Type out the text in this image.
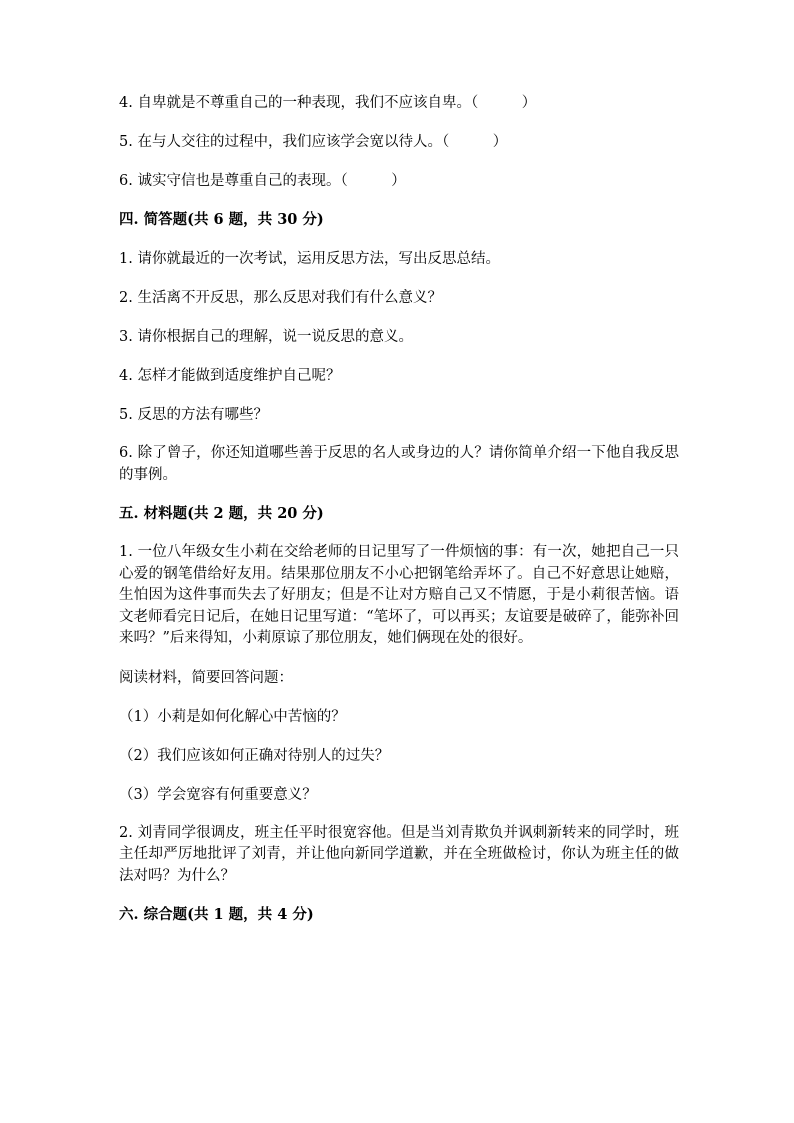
4. 自卑就是不尊重自己的一种表现，我们不应该自卑。（　　　）
5. 在与人交往的过程中，我们应该学会宽以待人。（　　　）
6. 诚实守信也是尊重自己的表现。（　　　）
四. 简答题(共 6 题，共 30 分)
1. 请你就最近的一次考试，运用反思方法，写出反思总结。
2. 生活离不开反思，那么反思对我们有什么意义？
3. 请你根据自己的理解，说一说反思的意义。
4. 怎样才能做到适度维护自己呢？
5. 反思的方法有哪些？
6. 除了曾子，你还知道哪些善于反思的名人或身边的人？请你简单介绍一下他自我反思的事例。
五. 材料题(共 2 题，共 20 分)
1. 一位八年级女生小莉在交给老师的日记里写了一件烦恼的事：有一次，她把自己一只心爱的钢笔借给好友用。结果那位朋友不小心把钢笔给弄坏了。自己不好意思让她赔，生怕因为这件事而失去了好朋友；但是不让对方赔自己又不情愿，于是小莉很苦恼。语文老师看完日记后，在她日记里写道：“笔坏了，可以再买；友谊要是破碎了，能弥补回来吗？”后来得知，小莉原谅了那位朋友，她们俩现在处的很好。
阅读材料，简要回答问题：
（1）小莉是如何化解心中苦恼的？
（2）我们应该如何正确对待别人的过失？
（3）学会宽容有何重要意义？
2. 刘青同学很调皮，班主任平时很宽容他。但是当刘青欺负并讽刺新转来的同学时，班主任却严厉地批评了刘青，并让他向新同学道歉，并在全班做检讨，你认为班主任的做法对吗？为什么？
六. 综合题(共 1 题，共 4 分)
